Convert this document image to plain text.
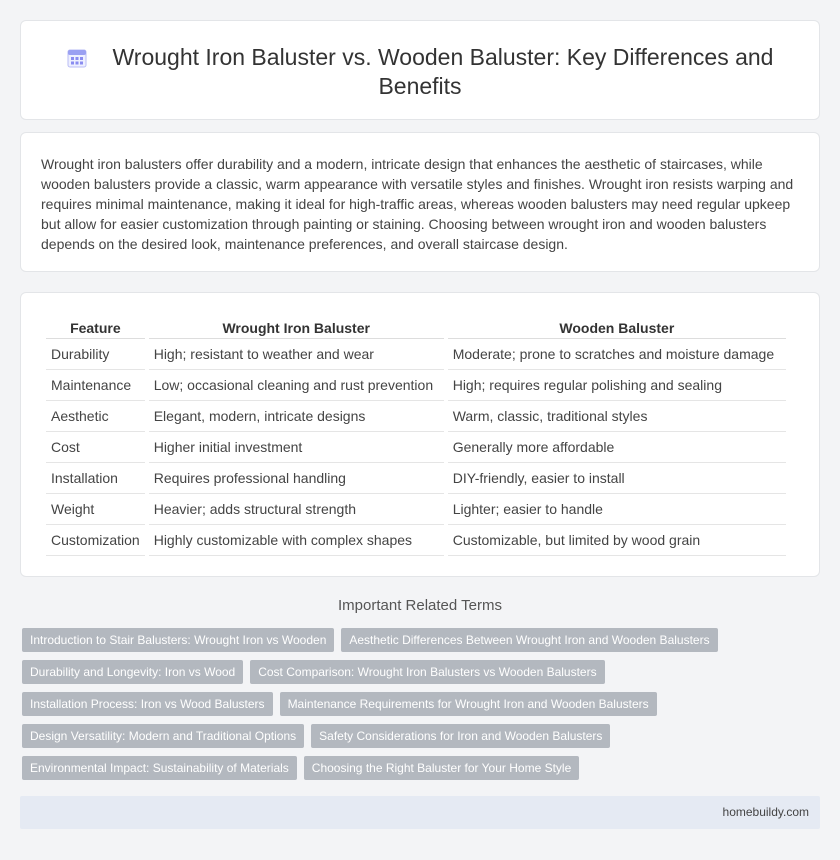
Wrought Iron Baluster vs. Wooden Baluster: Key Differences and Benefits

Wrought iron balusters offer durability and a modern, intricate design that enhances the aesthetic of staircases, while wooden balusters provide a classic, warm appearance with versatile styles and finishes. Wrought iron resists warping and requires minimal maintenance, making it ideal for high-traffic areas, whereas wooden balusters may need regular upkeep but allow for easier customization through painting or staining. Choosing between wrought iron and wooden balusters depends on the desired look, maintenance preferences, and overall staircase design.

Feature	Wrought Iron Baluster	Wooden Baluster
Durability	High; resistant to weather and wear	Moderate; prone to scratches and moisture damage
Maintenance	Low; occasional cleaning and rust prevention	High; requires regular polishing and sealing
Aesthetic	Elegant, modern, intricate designs	Warm, classic, traditional styles
Cost	Higher initial investment	Generally more affordable
Installation	Requires professional handling	DIY-friendly, easier to install
Weight	Heavier; adds structural strength	Lighter; easier to handle
Customization	Highly customizable with complex shapes	Customizable, but limited by wood grain
Important Related Terms
Introduction to Stair Balusters: Wrought Iron vs Wooden	Aesthetic Differences Between Wrought Iron and Wooden Balusters
Durability and Longevity: Iron vs Wood	Cost Comparison: Wrought Iron Balusters vs Wooden Balusters
Installation Process: Iron vs Wood Balusters	Maintenance Requirements for Wrought Iron and Wooden Balusters
Design Versatility: Modern and Traditional Options	Safety Considerations for Iron and Wooden Balusters
Environmental Impact: Sustainability of Materials	Choosing the Right Baluster for Your Home Style
homebuildy.com
